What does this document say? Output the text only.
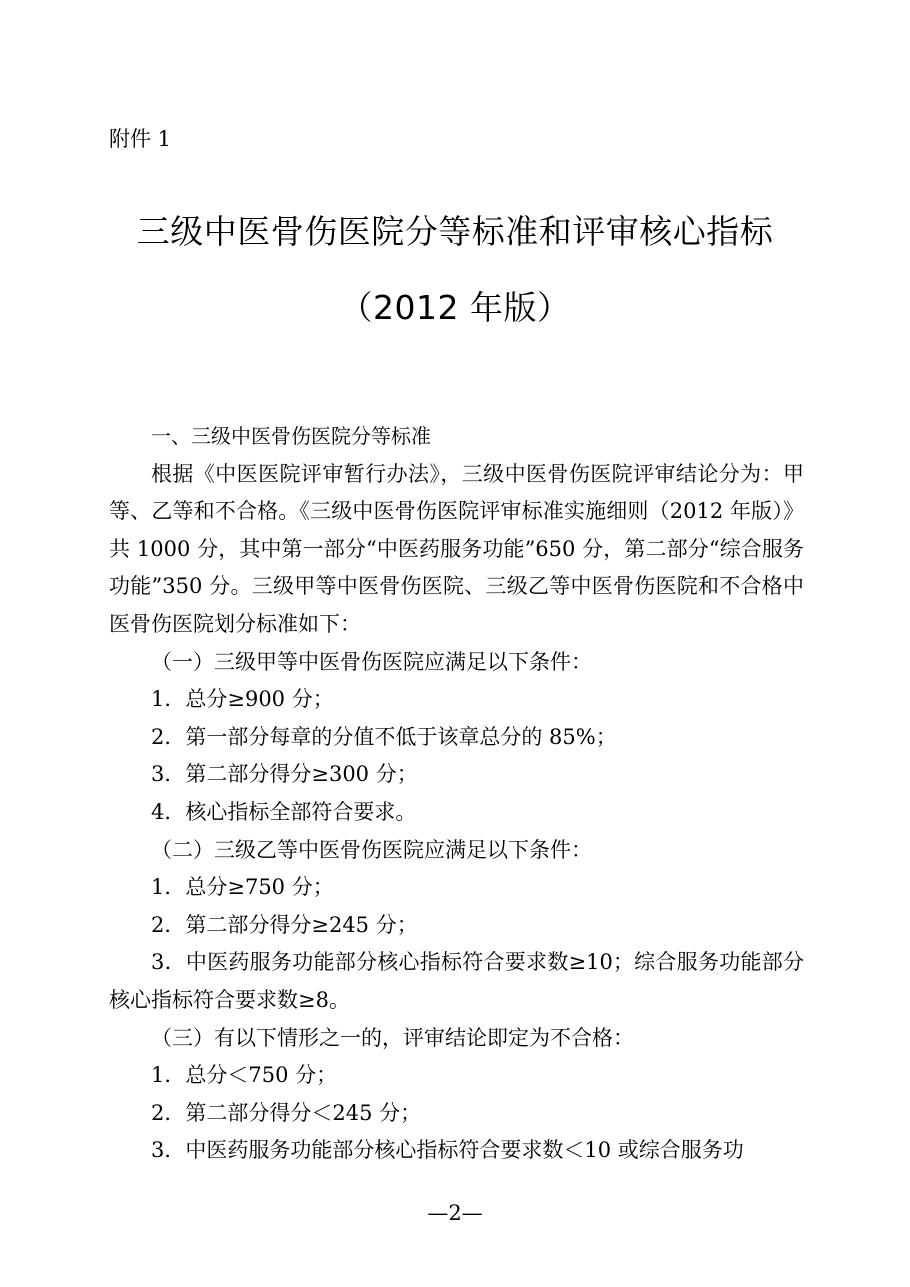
附件 1
三级中医骨伤医院分等标准和评审核心指标
（2012 年版）

一、三级中医骨伤医院分等标准

根据《中医医院评审暂行办法》，三级中医骨伤医院评审结论分为：甲等、乙等和不合格。《三级中医骨伤医院评审标准实施细则（2012 年版）》共 1000 分，其中第一部分“中医药服务功能”650 分，第二部分“综合服务功能”350 分。三级甲等中医骨伤医院、三级乙等中医骨伤医院和不合格中医骨伤医院划分标准如下：

（一）三级甲等中医骨伤医院应满足以下条件：

1．总分≥900 分；

2．第一部分每章的分值不低于该章总分的 85%；

3．第二部分得分≥300 分；

4．核心指标全部符合要求。

（二）三级乙等中医骨伤医院应满足以下条件：

1．总分≥750 分；

2．第二部分得分≥245 分；

3．中医药服务功能部分核心指标符合要求数≥10；综合服务功能部分核心指标符合要求数≥8。

（三）有以下情形之一的，评审结论即定为不合格：

1．总分＜750 分；

2．第二部分得分＜245 分；

3．中医药服务功能部分核心指标符合要求数＜10 或综合服务功

—2—
